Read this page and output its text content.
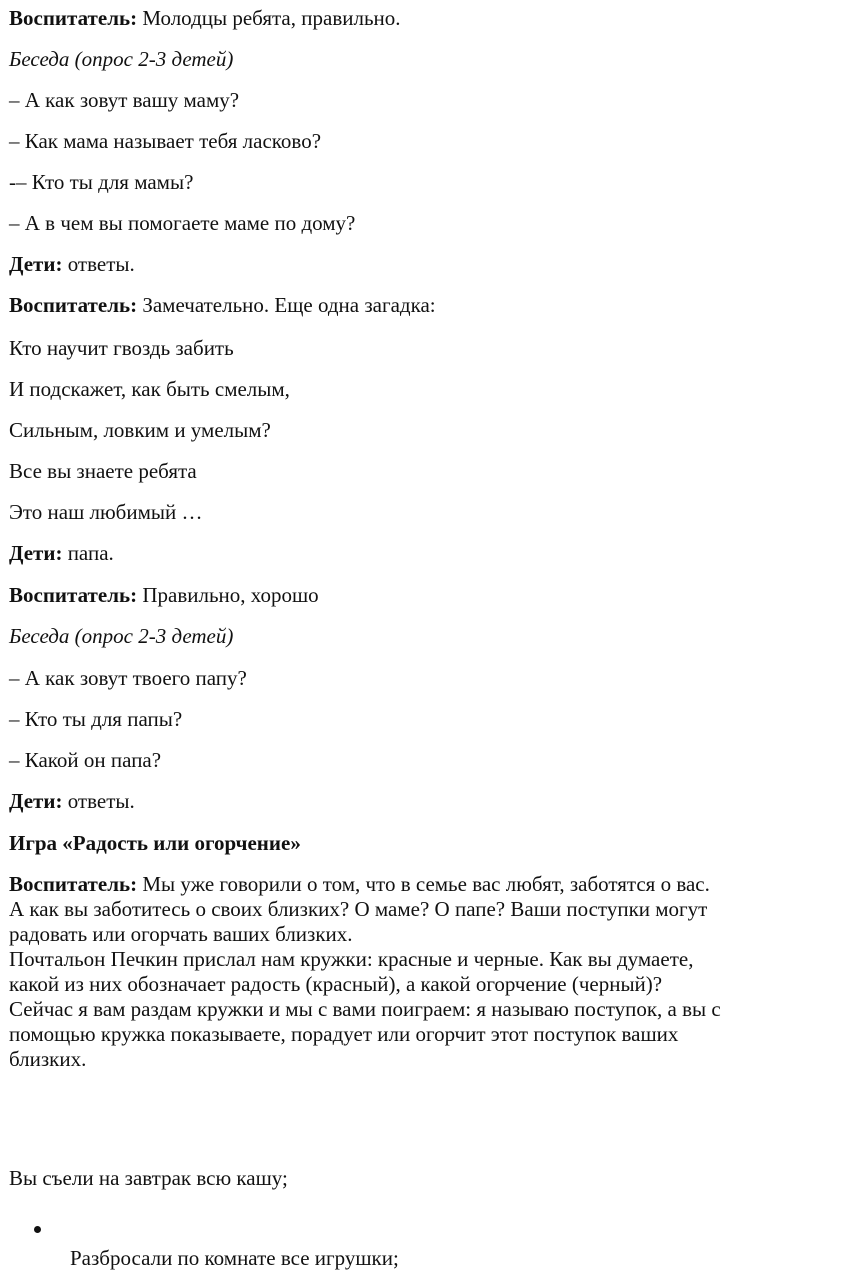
Воспитатель: Молодцы ребята, правильно.
Беседа (опрос 2-3 детей)
– А как зовут вашу маму?
– Как мама называет тебя ласково?
-– Кто ты для мамы?
– А в чем вы помогаете маме по дому?
Дети: ответы.
Воспитатель: Замечательно. Еще одна загадка:
Кто научит гвоздь забить
И подскажет, как быть смелым,
Сильным, ловким и умелым?
Все вы знаете ребята
Это наш любимый …
Дети: папа.
Воспитатель: Правильно, хорошо
Беседа (опрос 2-3 детей)
– А как зовут твоего папу?
– Кто ты для папы?
– Какой он папа?
Дети: ответы.
Игра «Радость или огорчение»
Воспитатель: Мы уже говорили о том, что в семье вас любят, заботятся о вас.
А как вы заботитесь о своих близких? О маме? О папе? Ваши поступки могут
радовать или огорчать ваших близких.
Почтальон Печкин прислал нам кружки: красные и черные. Как вы думаете,
какой из них обозначает радость (красный), а какой огорчение (черный)?
Сейчас я вам раздам кружки и мы с вами поиграем: я называю поступок, а вы с
помощью кружка показываете, порадует или огорчит этот поступок ваших
близких.
Вы съели на завтрак всю кашу;
Разбросали по комнате все игрушки;
